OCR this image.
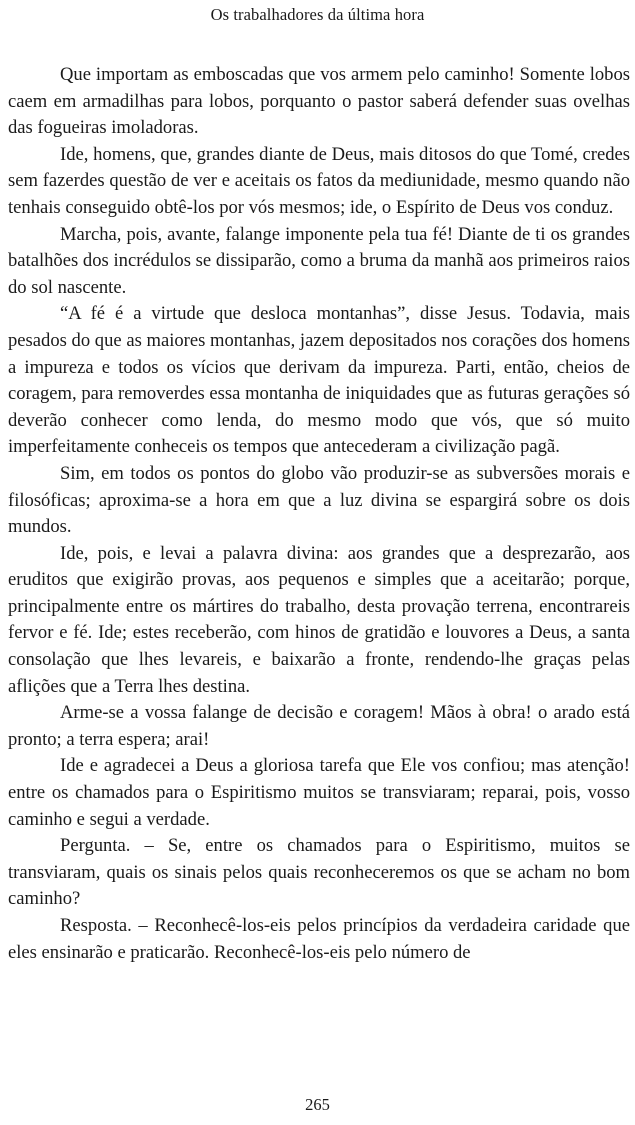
Os trabalhadores da última hora

Que importam as emboscadas que vos armem pelo caminho! Somente lobos caem em armadilhas para lobos, porquanto o pastor saberá defender suas ovelhas das fogueiras imoladoras.

Ide, homens, que, grandes diante de Deus, mais ditosos do que Tomé, credes sem fazerdes questão de ver e aceitais os fatos da mediunidade, mesmo quando não tenhais conseguido obtê-los por vós mesmos; ide, o Espírito de Deus vos conduz.

Marcha, pois, avante, falange imponente pela tua fé! Diante de ti os grandes batalhões dos incrédulos se dissiparão, como a bruma da manhã aos primeiros raios do sol nascente.

“A fé é a virtude que desloca montanhas”, disse Jesus. Todavia, mais pesados do que as maiores montanhas, jazem depositados nos corações dos homens a impureza e todos os vícios que derivam da impureza. Parti, então, cheios de coragem, para removerdes essa montanha de iniquidades que as futuras gerações só deverão conhecer como lenda, do mesmo modo que vós, que só muito imperfeitamente conheceis os tempos que antecederam a civilização pagã.

Sim, em todos os pontos do globo vão produzir-se as subversões morais e filosóficas; aproxima-se a hora em que a luz divina se espargirá sobre os dois mundos.

Ide, pois, e levai a palavra divina: aos grandes que a desprezarão, aos eruditos que exigirão provas, aos pequenos e simples que a aceitarão; porque, principalmente entre os mártires do trabalho, desta provação terrena, encontrareis fervor e fé. Ide; estes receberão, com hinos de gratidão e louvores a Deus, a santa consolação que lhes levareis, e baixarão a fronte, rendendo-lhe graças pelas aflições que a Terra lhes destina.

Arme-se a vossa falange de decisão e coragem! Mãos à obra! o arado está pronto; a terra espera; arai!

Ide e agradecei a Deus a gloriosa tarefa que Ele vos confiou; mas atenção! entre os chamados para o Espiritismo muitos se transviaram; reparai, pois, vosso caminho e segui a verdade.

Pergunta. – Se, entre os chamados para o Espiritismo, muitos se transviaram, quais os sinais pelos quais reconheceremos os que se acham no bom caminho?

Resposta. – Reconhecê-los-eis pelos princípios da verdadeira caridade que eles ensinarão e praticarão. Reconhecê-los-eis pelo número de

265
